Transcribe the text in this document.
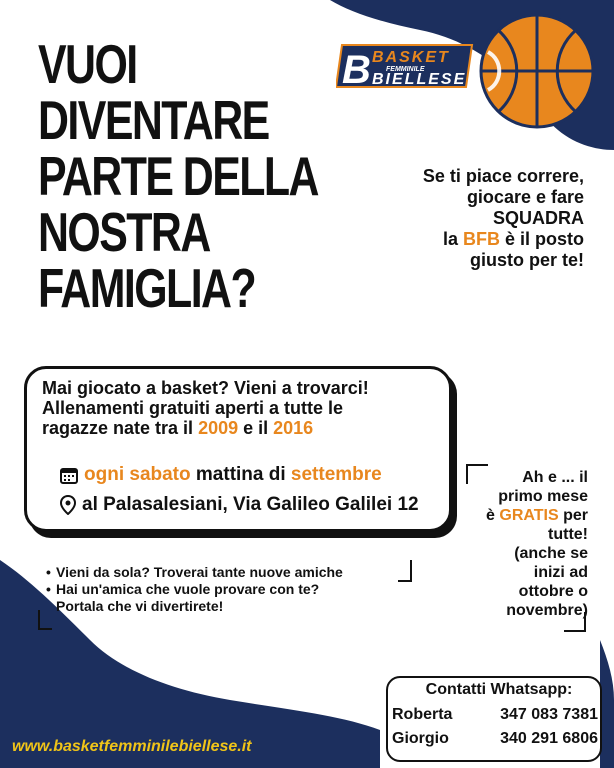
VUOI
DIVENTARE
PARTE DELLA
NOSTRA
FAMIGLIA?
B BASKET
FEMMINILE
BIELLESE
Se ti piace correre,
giocare e fare
SQUADRA
la BFB è il posto
giusto per te!
Mai giocato a basket? Vieni a trovarci!
Allenamenti gratuiti aperti a tutte le
ragazze nate tra il 2009 e il 2016
ogni sabato mattina di settembre
al Palasalesiani, Via Galileo Galilei 12
Ah e ... il
primo mese
è GRATIS per
tutte!
(anche se
inizi ad
ottobre o
novembre)
• Vieni da sola? Troverai tante nuove amiche
• Hai un'amica che vuole provare con te?
Portala che vi divertirete!
Contatti Whatsapp:
Roberta	347 083 7381
Giorgio	340 291 6806
www.basketfemminilebiellese.it
